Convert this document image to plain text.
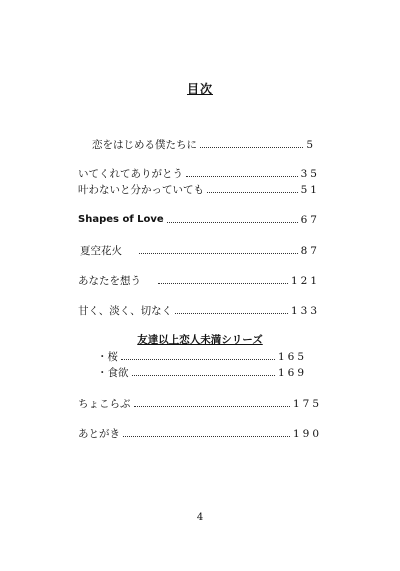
目次
恋をはじめる僕たちに	5
いてくれてありがとう	35
叶わないと分かっていても	51
Shapes of Love	67
夏空花火	87
あなたを想う	121
甘く、淡く、切なく	133
友達以上恋人未満シリーズ
・桜	165
・食欲	169
ちょこらぶ	175
あとがき	190
4
